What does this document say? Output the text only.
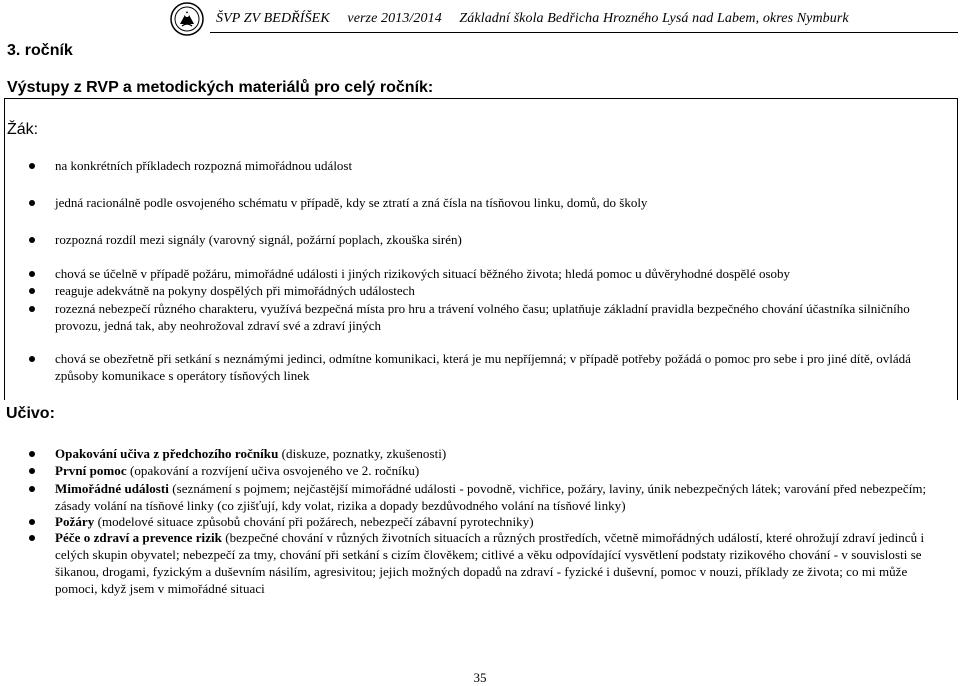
ŠVP ZV BEDŘÍŠEK verze 2013/2014 Základní škola Bedřicha Hrozného Lysá nad Labem, okres Nymburk
3. ročník
Výstupy z RVP a metodických materiálů pro celý ročník:
Žák:
na konkrétních příkladech rozpozná mimořádnou událost
jedná racionálně podle osvojeného schématu v případě, kdy se ztratí a zná čísla na tísňovou linku, domů, do školy
rozpozná rozdíl mezi signály (varovný signál, požární poplach, zkouška sirén)
chová se účelně v případě požáru, mimořádné události i jiných rizikových situací běžného života; hledá pomoc u důvěryhodné dospělé osoby
reaguje adekvátně na pokyny dospělých při mimořádných událostech
rozezná nebezpečí různého charakteru, využívá bezpečná místa pro hru a trávení volného času; uplatňuje základní pravidla bezpečného chování účastníka silničního provozu, jedná tak, aby neohrožoval zdraví své a zdraví jiných
chová se obezřetně při setkání s neznámými jedinci, odmítne komunikaci, která je mu nepříjemná; v případě potřeby požádá o pomoc pro sebe i pro jiné dítě, ovládá způsoby komunikace s operátory tísňových linek
Učivo:
Opakování učiva z předchozího ročníku (diskuze, poznatky, zkušenosti)
První pomoc (opakování a rozvíjení učiva osvojeného ve 2. ročníku)
Mimořádné události (seznámení s pojmem; nejčastější mimořádné události - povodně, vichřice, požáry, laviny, únik nebezpečných látek; varování před nebezpečím; zásady volání na tísňové linky (co zjišťují, kdy volat, rizika a dopady bezdůvodného volání na tísňové linky)
Požáry (modelové situace způsobů chování při požárech, nebezpečí zábavní pyrotechniky)
Péče o zdraví a prevence rizik (bezpečné chování v různých životních situacích a různých prostředích, včetně mimořádných událostí, které ohrožují zdraví jedinců i celých skupin obyvatel; nebezpečí za tmy, chování při setkání s cizím člověkem; citlivé a věku odpovídající vysvětlení podstaty rizikového chování - v souvislosti se šikanou, drogami, fyzickým a duševním násilím, agresivitou; jejich možných dopadů na zdraví - fyzické i duševní, pomoc v nouzi, příklady ze života; co mi může pomoci, když jsem v mimořádné situaci
35
